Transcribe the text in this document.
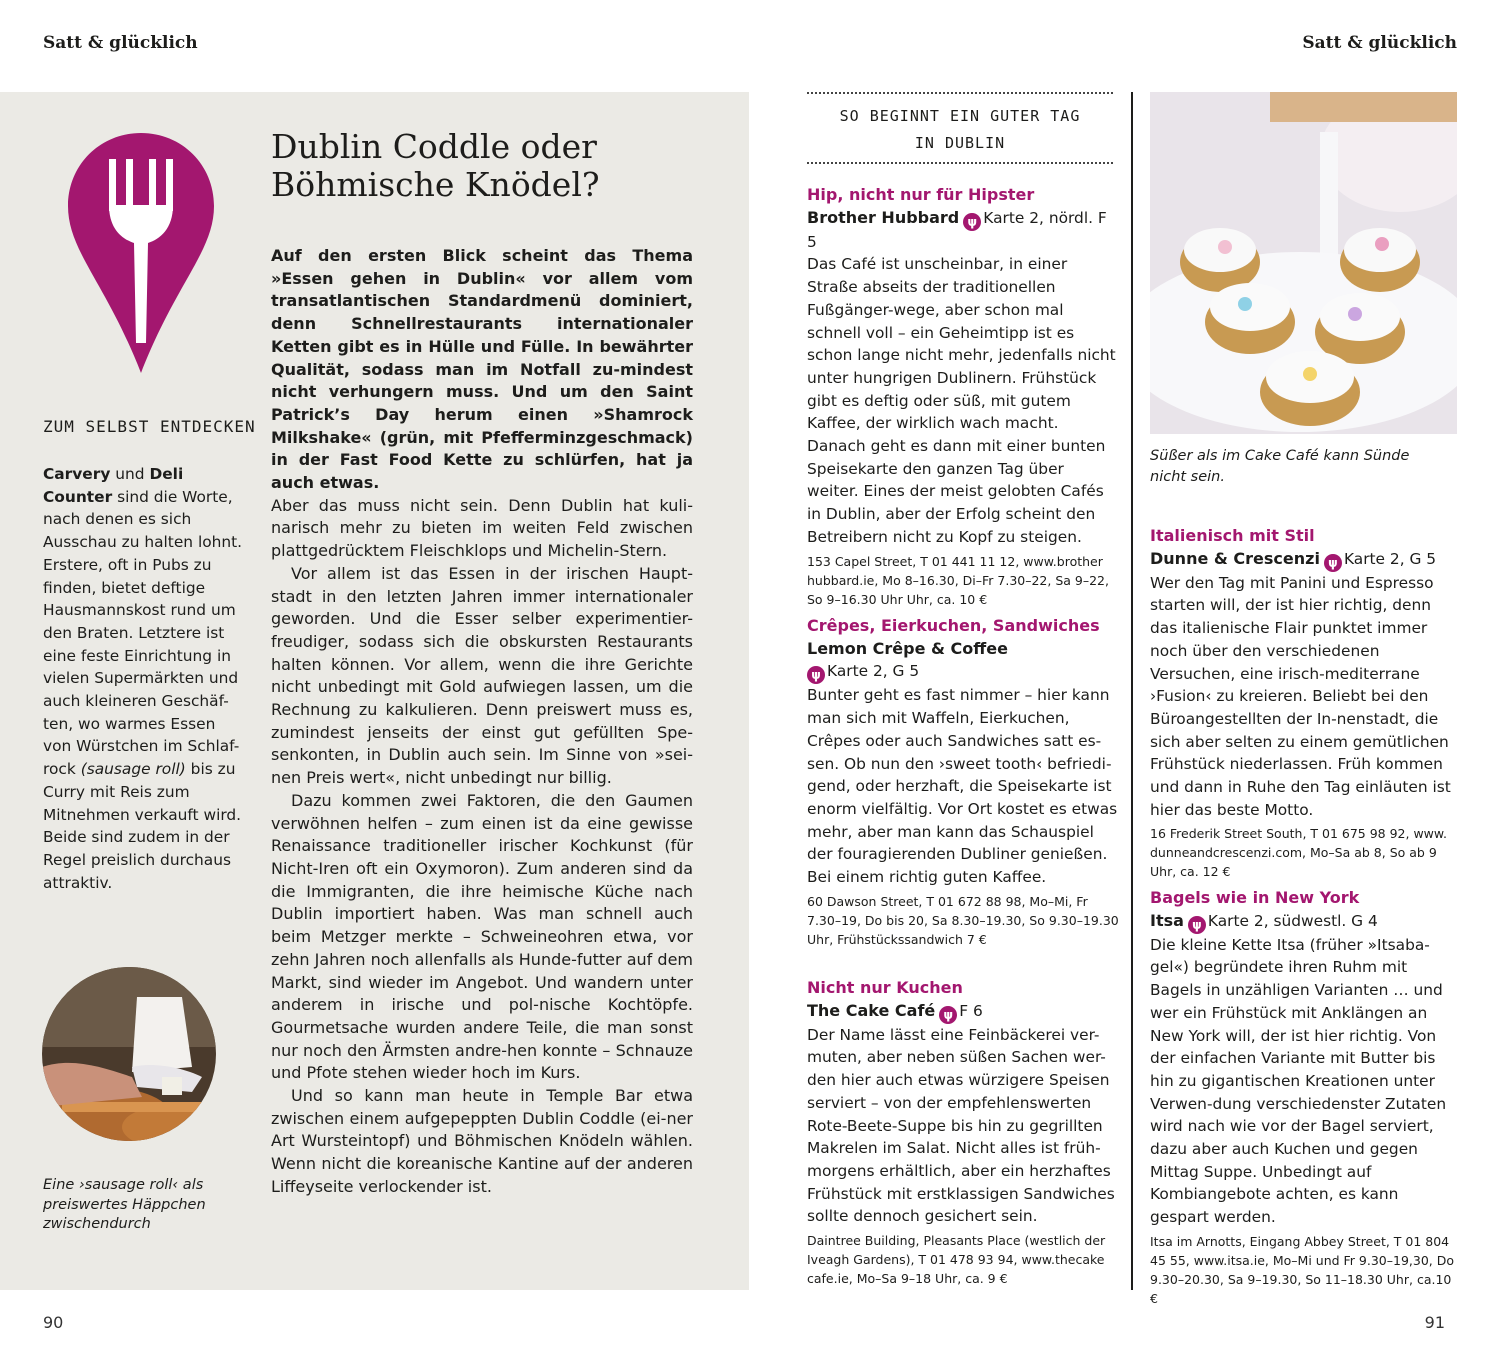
Satt & glücklich	Satt & glücklich
ZUM SELBST ENTDECKEN
Carvery und Deli Counter sind die Worte, nach denen es sich Ausschau zu halten lohnt. Erstere, oft in Pubs zu finden, bietet deftige Hausmannskost rund um den Braten. Letztere ist eine feste Einrichtung in vielen Supermärkten und auch kleineren Geschäf-ten, wo warmes Essen von Würstchen im Schlaf-rock (sausage roll) bis zu Curry mit Reis zum Mitnehmen verkauft wird. Beide sind zudem in der Regel preislich durchaus attraktiv.
Eine ›sausage roll‹ als preiswertes Häppchen zwischendurch
Dublin Coddle oder Böhmische Knödel?

Auf den ersten Blick scheint das Thema »Essen gehen in Dublin« vor allem vom transatlantischen Standardmenü dominiert, denn Schnellrestaurants internationaler Ketten gibt es in Hülle und Fülle. In bewährter Qualität, sodass man im Notfall zu-mindest nicht verhungern muss. Und um den Saint Patrick’s Day herum einen »Shamrock Milkshake« (grün, mit Pfefferminzgeschmack) in der Fast Food Kette zu schlürfen, hat ja auch etwas.

Aber das muss nicht sein. Denn Dublin hat kuli-narisch mehr zu bieten im weiten Feld zwischen plattgedrücktem Fleischklops und Michelin-Stern.

Vor allem ist das Essen in der irischen Haupt-stadt in den letzten Jahren immer internationaler geworden. Und die Esser selber experimentier-freudiger, sodass sich die obskursten Restaurants halten können. Vor allem, wenn die ihre Gerichte nicht unbedingt mit Gold aufwiegen lassen, um die Rechnung zu kalkulieren. Denn preiswert muss es, zumindest jenseits der einst gut gefüllten Spe-senkonten, in Dublin auch sein. Im Sinne von »sei-nen Preis wert«, nicht unbedingt nur billig.

Dazu kommen zwei Faktoren, die den Gaumen verwöhnen helfen – zum einen ist da eine gewisse Renaissance traditioneller irischer Kochkunst (für Nicht-Iren oft ein Oxymoron). Zum anderen sind da die Immigranten, die ihre heimische Küche nach Dublin importiert haben. Was man schnell auch beim Metzger merkte – Schweineohren etwa, vor zehn Jahren noch allenfalls als Hunde-futter auf dem Markt, sind wieder im Angebot. Und wandern unter anderem in irische und pol-nische Kochtöpfe. Gourmetsache wurden andere Teile, die man sonst nur noch den Ärmsten andre-hen konnte – Schnauze und Pfote stehen wieder hoch im Kurs.

Und so kann man heute in Temple Bar etwa zwischen einem aufgepeppten Dublin Coddle (ei-ner Art Wursteintopf) und Böhmischen Knödeln wählen. Wenn nicht die koreanische Kantine auf der anderen Liffeyseite verlockender ist.

SO BEGINNT EIN GUTER TAG
IN DUBLIN
Hip, nicht nur für Hipster
Brother Hubbard ψ Karte 2, nördl. F 5
Das Café ist unscheinbar, in einer Straße abseits der traditionellen Fußgänger-wege, aber schon mal schnell voll – ein Geheimtipp ist es schon lange nicht mehr, jedenfalls nicht unter hungrigen Dublinern. Frühstück gibt es deftig oder süß, mit gutem Kaffee, der wirklich wach macht. Danach geht es dann mit einer bunten Speisekarte den ganzen Tag über weiter. Eines der meist gelobten Cafés in Dublin, aber der Erfolg scheint den Betreibern nicht zu Kopf zu steigen.
153 Capel Street, T 01 441 11 12, www.brother hubbard.ie, Mo 8–16.30, Di–Fr 7.30–22, Sa 9–22, So 9–16.30 Uhr Uhr, ca. 10 €
Crêpes, Eierkuchen, Sandwiches
Lemon Crêpe & Coffee
ψ Karte 2, G 5
Bunter geht es fast nimmer – hier kann man sich mit Waffeln, Eierkuchen, Crêpes oder auch Sandwiches satt es-sen. Ob nun den ›sweet tooth‹ befriedi-gend, oder herzhaft, die Speisekarte ist enorm vielfältig. Vor Ort kostet es etwas mehr, aber man kann das Schauspiel der fouragierenden Dubliner genießen. Bei einem richtig guten Kaffee.
60 Dawson Street, T 01 672 88 98, Mo–Mi, Fr 7.30–19, Do bis 20, Sa 8.30–19.30, So 9.30–19.30 Uhr, Frühstückssandwich 7 €
Nicht nur Kuchen
The Cake Café ψ F 6
Der Name lässt eine Feinbäckerei ver-muten, aber neben süßen Sachen wer-den hier auch etwas würzigere Speisen serviert – von der empfehlenswerten Rote-Beete-Suppe bis hin zu gegrillten Makrelen im Salat. Nicht alles ist früh-morgens erhältlich, aber ein herzhaftes Frühstück mit erstklassigen Sandwiches sollte dennoch gesichert sein.
Daintree Building, Pleasants Place (westlich der Iveagh Gardens), T 01 478 93 94, www.thecake cafe.ie, Mo–Sa 9–18 Uhr, ca. 9 €
Süßer als im Cake Café kann Sünde nicht sein.
Italienisch mit Stil
Dunne & Crescenzi ψ Karte 2, G 5
Wer den Tag mit Panini und Espresso starten will, der ist hier richtig, denn das italienische Flair punktet immer noch über den verschiedenen Versuchen, eine irisch-mediterrane ›Fusion‹ zu kreieren. Beliebt bei den Büroangestellten der In-nenstadt, die sich aber selten zu einem gemütlichen Frühstück niederlassen. Früh kommen und dann in Ruhe den Tag einläuten ist hier das beste Motto.
16 Frederik Street South, T 01 675 98 92, www. dunneandcrescenzi.com, Mo–Sa ab 8, So ab 9 Uhr, ca. 12 €
Bagels wie in New York
Itsa ψ Karte 2, südwestl. G 4
Die kleine Kette Itsa (früher »Itsaba-gel«) begründete ihren Ruhm mit Bagels in unzähligen Varianten … und wer ein Frühstück mit Anklängen an New York will, der ist hier richtig. Von der einfachen Variante mit Butter bis hin zu gigantischen Kreationen unter Verwen-dung verschiedenster Zutaten wird nach wie vor der Bagel serviert, dazu aber auch Kuchen und gegen Mittag Suppe. Unbedingt auf Kombiangebote achten, es kann gespart werden.
Itsa im Arnotts, Eingang Abbey Street, T 01 804 45 55, www.itsa.ie, Mo–Mi und Fr 9.30–19,30, Do 9.30–20.30, Sa 9–19.30, So 11–18.30 Uhr, ca.10 €
90	91
